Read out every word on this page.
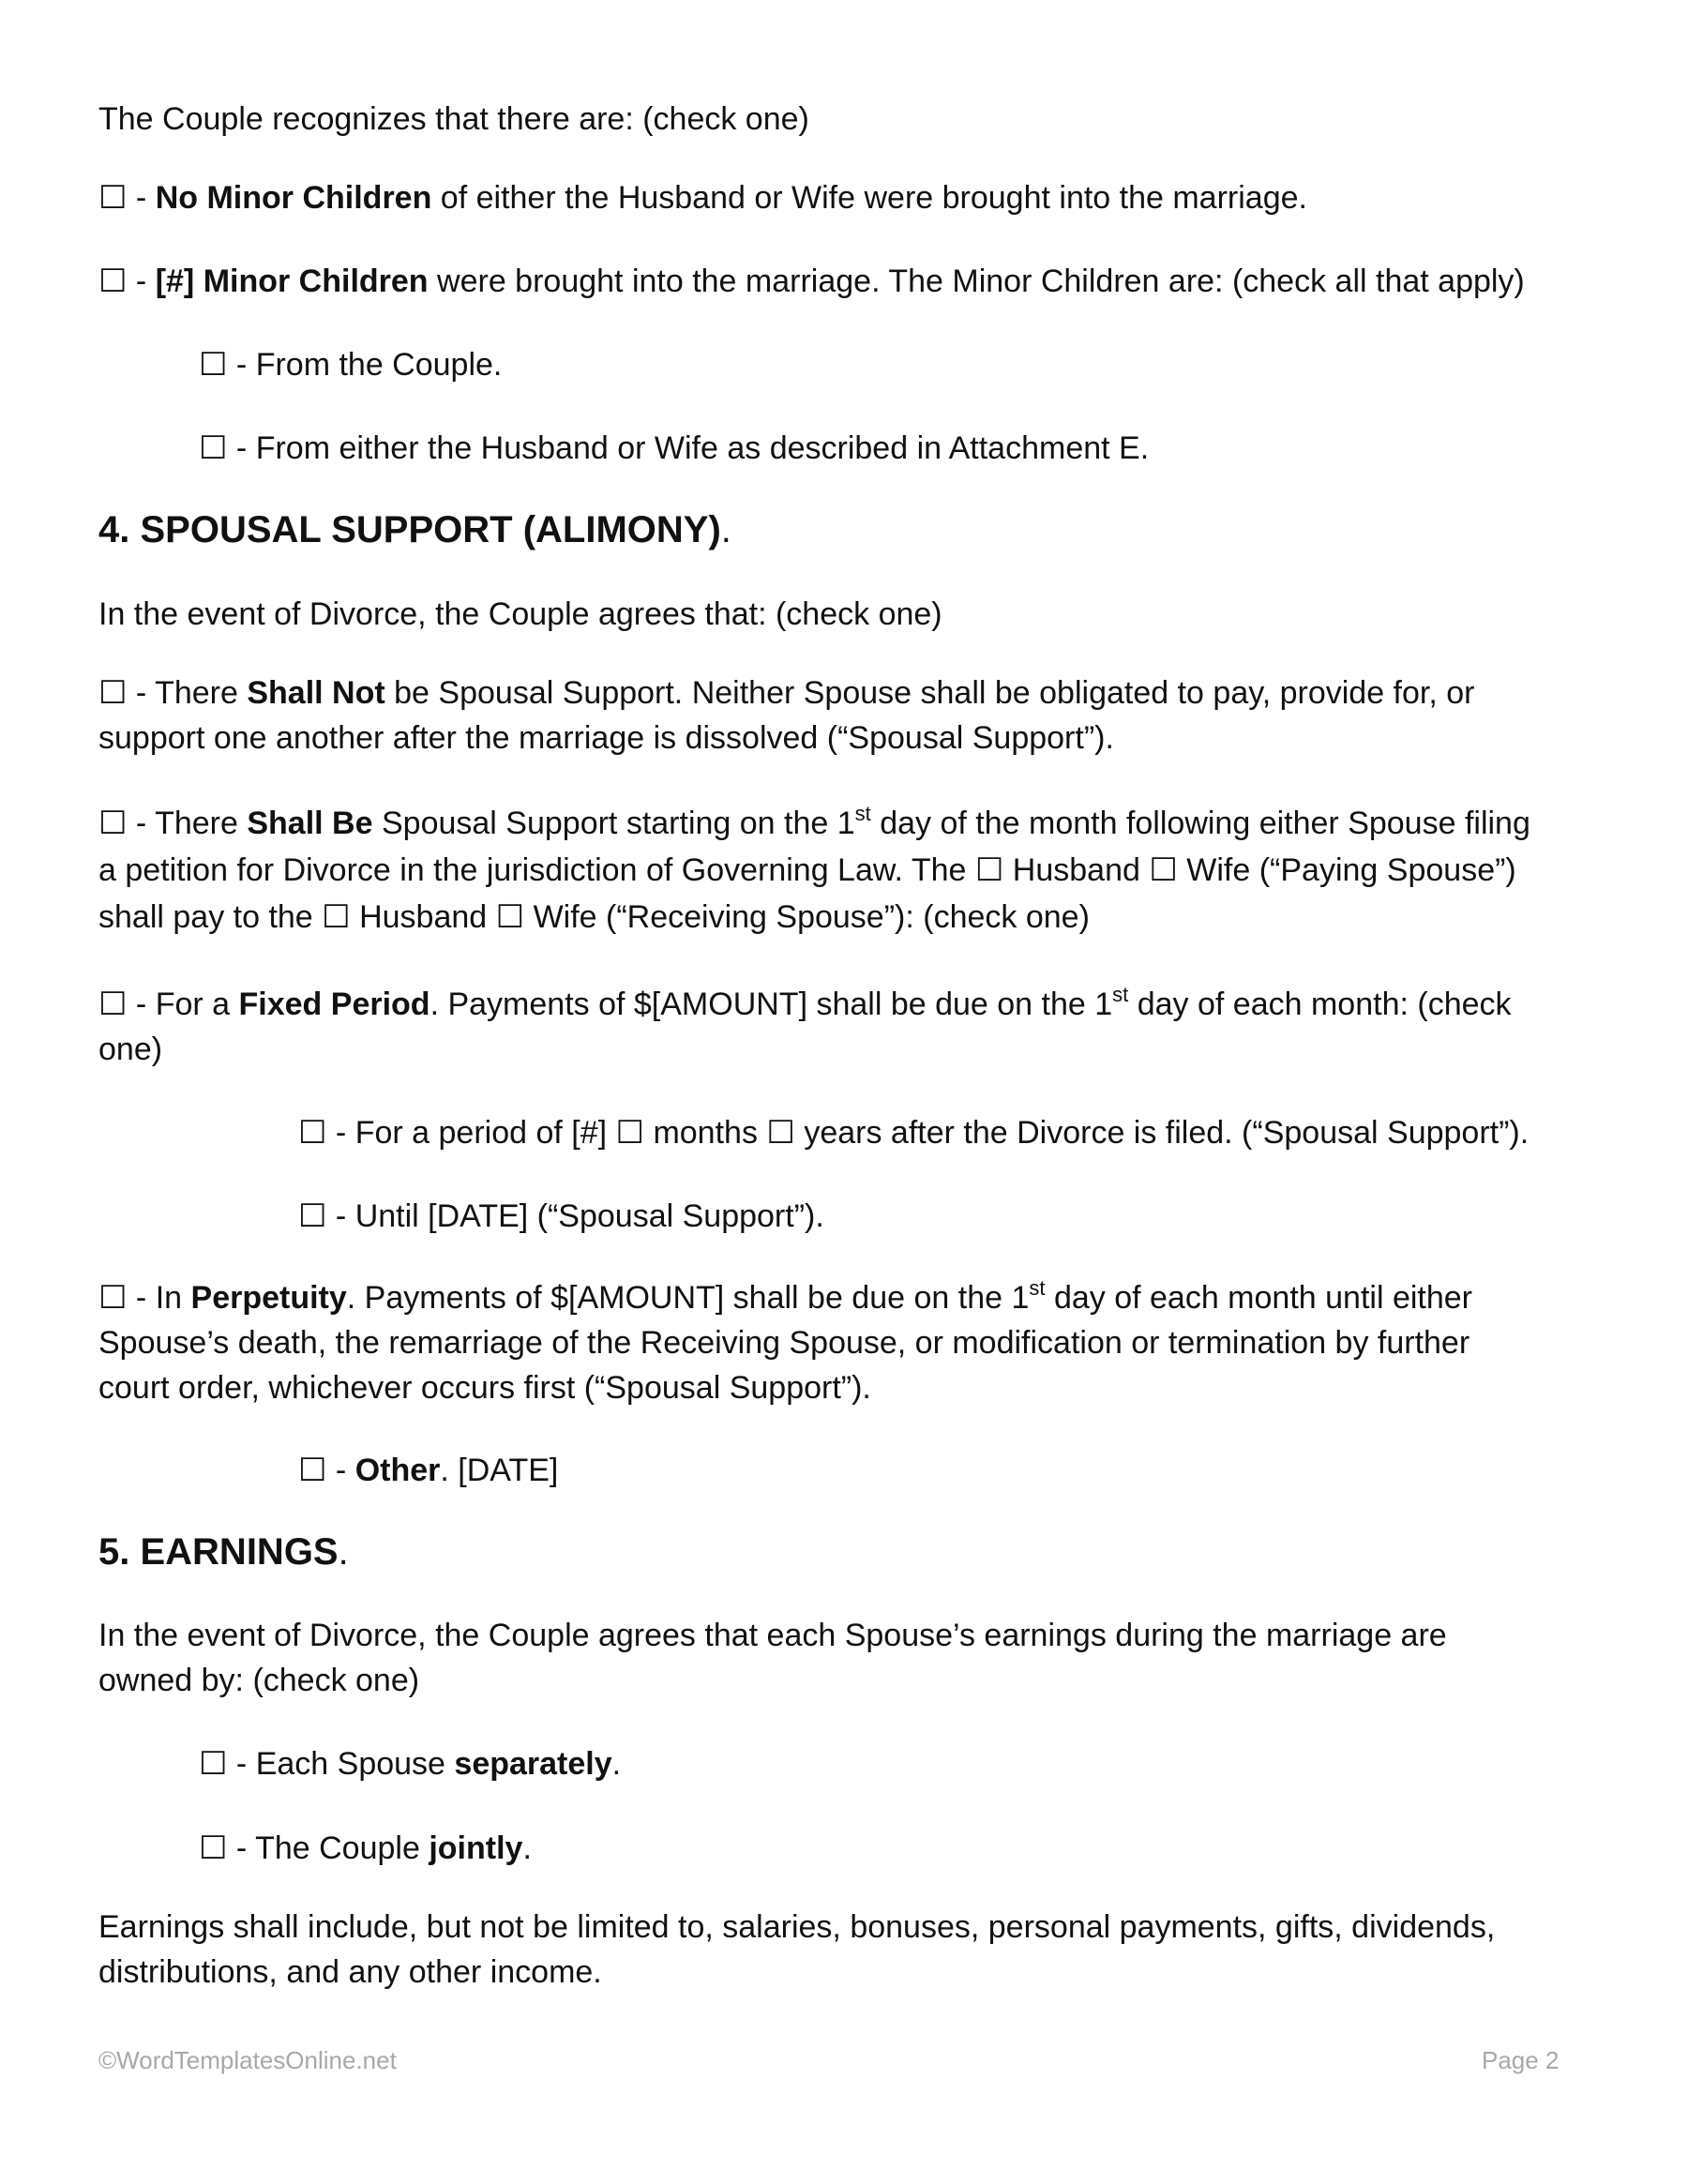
The Couple recognizes that there are: (check one)
☐ - No Minor Children of either the Husband or Wife were brought into the marriage.
☐ - [#] Minor Children were brought into the marriage. The Minor Children are: (check all that apply)
☐ - From the Couple.
☐ - From either the Husband or Wife as described in Attachment E.
4. SPOUSAL SUPPORT (ALIMONY).
In the event of Divorce, the Couple agrees that: (check one)
☐ - There Shall Not be Spousal Support. Neither Spouse shall be obligated to pay, provide for, or
support one another after the marriage is dissolved (“Spousal Support”).
☐ - There Shall Be Spousal Support starting on the 1st day of the month following either Spouse filing
a petition for Divorce in the jurisdiction of Governing Law. The ☐ Husband ☐ Wife (“Paying Spouse”)
shall pay to the ☐ Husband ☐ Wife (“Receiving Spouse”): (check one)
☐ - For a Fixed Period. Payments of $[AMOUNT] shall be due on the 1st day of each month: (check
one)
☐ - For a period of [#] ☐ months ☐ years after the Divorce is filed. (“Spousal Support”).
☐ - Until [DATE] (“Spousal Support”).
☐ - In Perpetuity. Payments of $[AMOUNT] shall be due on the 1st day of each month until either
Spouse’s death, the remarriage of the Receiving Spouse, or modification or termination by further
court order, whichever occurs first (“Spousal Support”).
☐ - Other. [DATE]
5. EARNINGS.
In the event of Divorce, the Couple agrees that each Spouse’s earnings during the marriage are
owned by: (check one)
☐ - Each Spouse separately.
☐ - The Couple jointly.
Earnings shall include, but not be limited to, salaries, bonuses, personal payments, gifts, dividends,
distributions, and any other income.
©WordTemplatesOnline.net	Page 2
